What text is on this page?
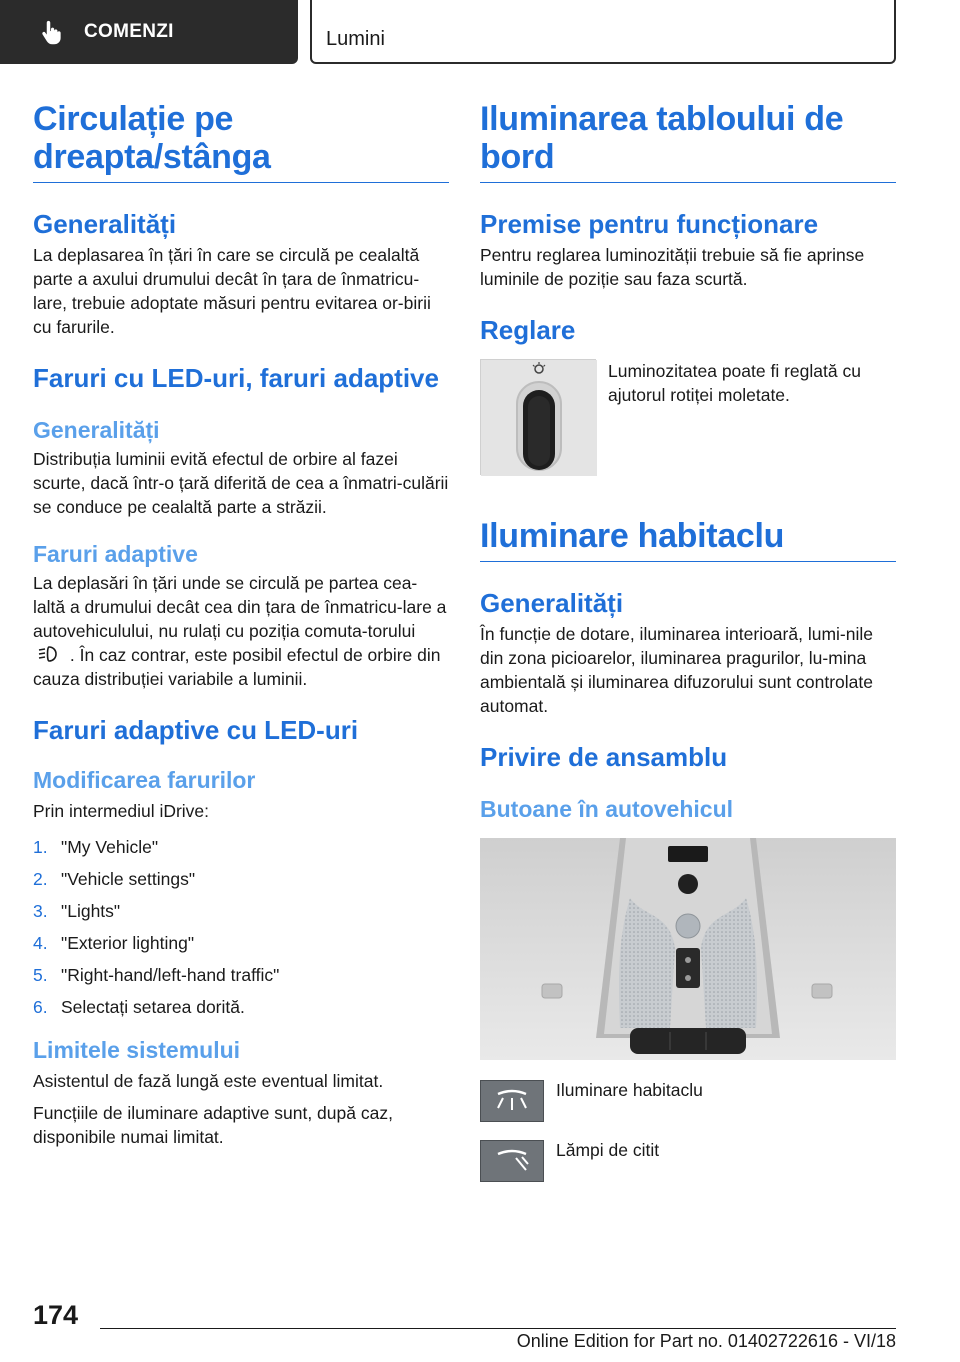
COMENZI	Lumini
Circulație pe dreapta/stânga
Generalități

La deplasarea în țări în care se circulă pe cealaltă parte a axului drumului decât în țara de înmatricu-lare, trebuie adoptate măsuri pentru evitarea or-birii cu farurile.

Faruri cu LED-uri, faruri adaptive
Generalități

Distribuția luminii evită efectul de orbire al fazei scurte, dacă într-o țară diferită de cea a înmatri-culării se conduce pe cealaltă parte a străzii.

Faruri adaptive

La deplasări în țări unde se circulă pe partea cea-laltă a drumului decât cea din țara de înmatricu-lare a autovehiculului, nu rulați cu poziția comuta-torului  . În caz contrar, este posibil efectul de orbire din cauza distribuției variabile a luminii.

Faruri adaptive cu LED-uri
Modificarea farurilor

Prin intermediul iDrive:

1. "My Vehicle"
2. "Vehicle settings"
3. "Lights"
4. "Exterior lighting"
5. "Right-hand/left-hand traffic"
6. Selectați setarea dorită.
Limitele sistemului

Asistentul de fază lungă este eventual limitat.

Funcțiile de iluminare adaptive sunt, după caz, disponibile numai limitat.

Iluminarea tabloului de bord
Premise pentru funcționare

Pentru reglarea luminozității trebuie să fie aprinse luminile de poziție sau faza scurtă.

Reglare

Luminozitatea poate fi reglată cu ajutorul rotiței moletate.

Iluminare habitaclu
Generalități

În funcție de dotare, iluminarea interioară, lumi-nile din zona picioarelor, iluminarea pragurilor, lu-mina ambientală și iluminarea difuzorului sunt controlate automat.

Privire de ansamblu
Butoane în autovehicul

Iluminare habitaclu

Lămpi de citit

174
Online Edition for Part no. 01402722616 - VI/18
